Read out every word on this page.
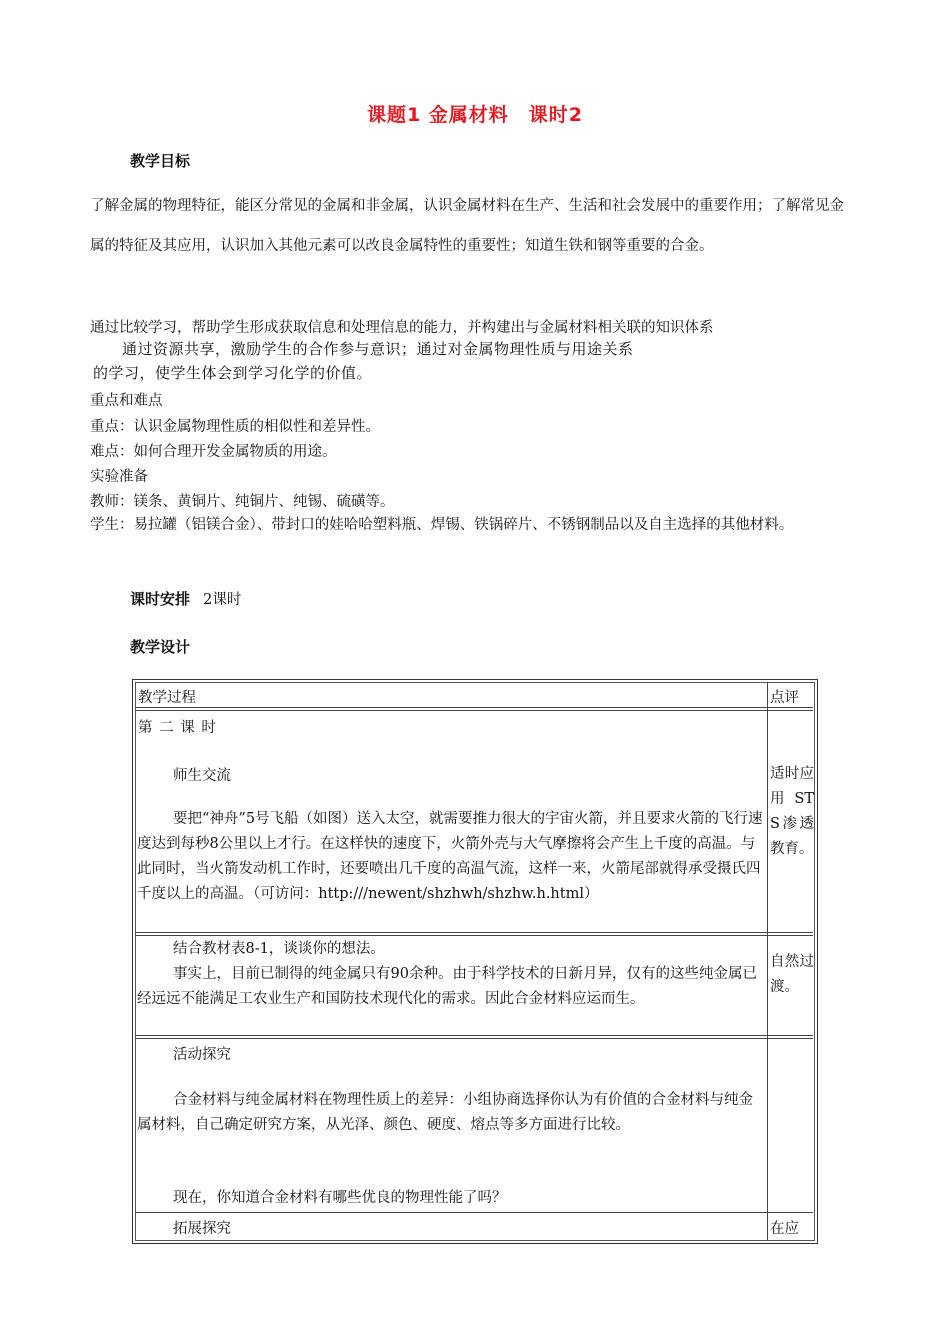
课题1 金属材料　课时2
教学目标
了解金属的物理特征，能区分常见的金属和非金属，认识金属材料在生产、生活和社会发展中的重要作用；了解常见金属的特征及其应用，认识加入其他元素可以改良金属特性的重要性；知道生铁和钢等重要的合金。
通过比较学习，帮助学生形成获取信息和处理信息的能力，并构建出与金属材料相关联的知识体系
通过资源共享，激励学生的合作参与意识；通过对金属物理性质与用途关系
的学习，使学生体会到学习化学的价值。
重点和难点
重点：认识金属物理性质的相似性和差异性。
难点：如何合理开发金属物质的用途。
实验准备
教师：镁条、黄铜片、纯铜片、纯锡、硫磺等。
学生：易拉罐（铝镁合金）、带封口的娃哈哈塑料瓶、焊锡、铁锅碎片、不锈钢制品以及自主选择的其他材料。
课时安排 2课时
教学设计
教学过程	点评
第 二 课 时
师生交流
要把“神舟”5号飞船（如图）送入太空，就需要推力很大的宇宙火箭，并且要求火箭的飞行速度达到每秒8公里以上才行。在这样快的速度下，火箭外壳与大气摩擦将会产生上千度的高温。与此同时，当火箭发动机工作时，还要喷出几千度的高温气流，这样一来，火箭尾部就得承受摄氏四千度以上的高温。（可访问：http:///newent/shzhwh/shzhw.h.html）
适时应用STS渗透教育。
结合教材表8-1，谈谈你的想法。
事实上，目前已制得的纯金属只有90余种。由于科学技术的日新月异，仅有的这些纯金属已经远远不能满足工农业生产和国防技术现代化的需求。因此合金材料应运而生。
自然过渡。
活动探究
合金材料与纯金属材料在物理性质上的差异：小组协商选择你认为有价值的合金材料与纯金属材料，自己确定研究方案，从光泽、颜色、硬度、熔点等多方面进行比较。
现在，你知道合金材料有哪些优良的物理性能了吗？
拓展探究	在应
